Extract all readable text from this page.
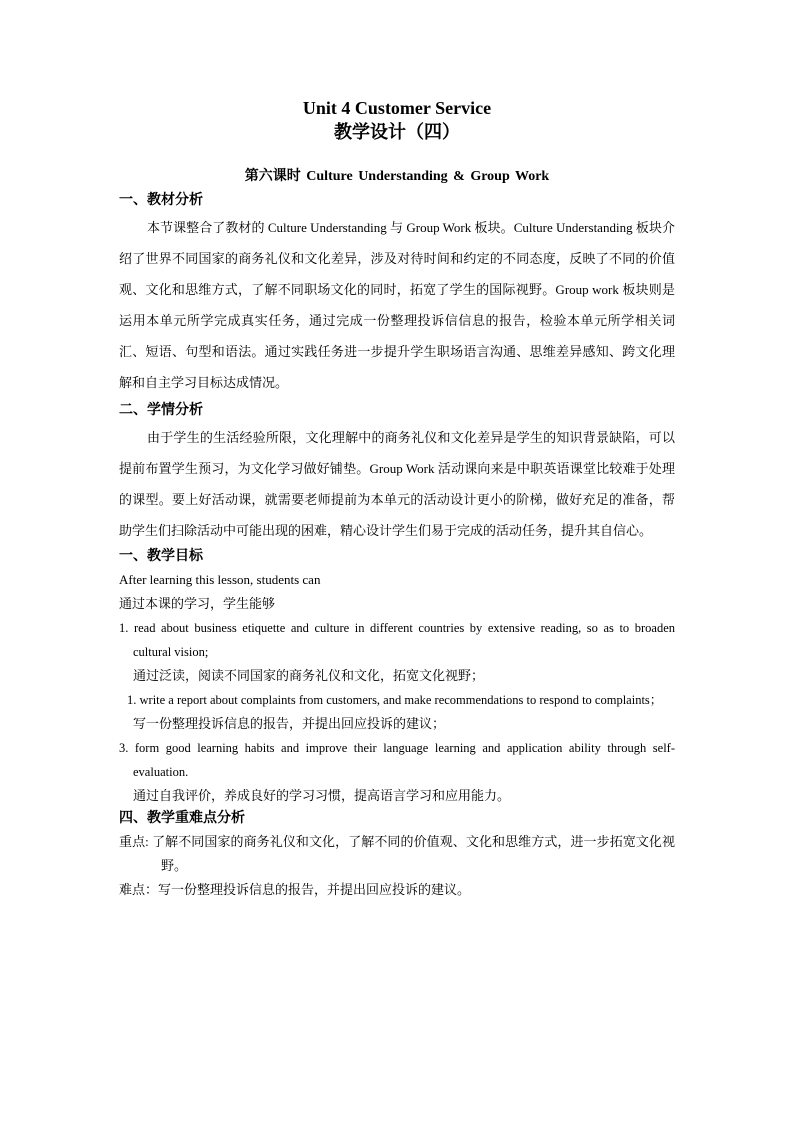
Unit 4 Customer Service

教学设计（四）

第六课时 Culture Understanding & Group Work

一、教材分析

本节课整合了教材的 Culture Understanding 与 Group Work 板块。Culture Understanding 板块介绍了世界不同国家的商务礼仪和文化差异，涉及对待时间和约定的不同态度，反映了不同的价值观、文化和思维方式，了解不同职场文化的同时，拓宽了学生的国际视野。Group work 板块则是运用本单元所学完成真实任务，通过完成一份整理投诉信信息的报告，检验本单元所学相关词汇、短语、句型和语法。通过实践任务进一步提升学生职场语言沟通、思维差异感知、跨文化理解和自主学习目标达成情况。

二、学情分析

由于学生的生活经验所限，文化理解中的商务礼仪和文化差异是学生的知识背景缺陷，可以提前布置学生预习，为文化学习做好铺垫。Group Work 活动课向来是中职英语课堂比较难于处理的课型。要上好活动课，就需要老师提前为本单元的活动设计更小的阶梯，做好充足的准备，帮助学生们扫除活动中可能出现的困难，精心设计学生们易于完成的活动任务，提升其自信心。

一、教学目标

After learning this lesson, students can

通过本课的学习，学生能够

1. read about business etiquette and culture in different countries by extensive reading, so as to broaden cultural vision;

通过泛读，阅读不同国家的商务礼仪和文化，拓宽文化视野；

1. write a report about complaints from customers, and make recommendations to respond to complaints；

写一份整理投诉信息的报告，并提出回应投诉的建议；

3. form good learning habits and improve their language learning and application ability through self-evaluation.

通过自我评价，养成良好的学习习惯，提高语言学习和应用能力。

四、教学重难点分析

重点: 了解不同国家的商务礼仪和文化，了解不同的价值观、文化和思维方式，进一步拓宽文化视野。

难点：写一份整理投诉信息的报告，并提出回应投诉的建议。
